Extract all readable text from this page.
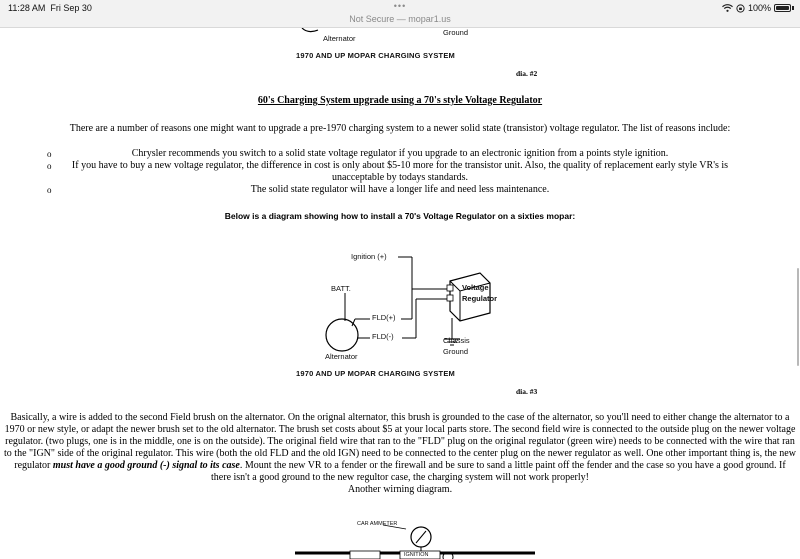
11:28 AM Fri Sep 30	•••
Not Secure — mopar1.us
100%
Alternator
Ground
1970 AND UP MOPAR CHARGING SYSTEM
dia. #2
60's Charging System upgrade using a 70's style Voltage Regulator
There are a number of reasons one might want to upgrade a pre-1970 charging system to a newer solid state (transistor) voltage regulator. The list of reasons include:
o	Chrysler recommends you switch to a solid state voltage regulator if you upgrade to an electronic ignition from a points style ignition.
o If you have to buy a new voltage regulator, the difference in cost is only about $5-10 more for the transistor unit. Also, the quality of replacement early style VR's is unacceptable by todays standards.
o	The solid state regulator will have a longer life and need less maintenance.
Below is a diagram showing how to install a 70's Voltage Regulator on a sixties mopar:
Ignition (+)
BATT.
FLD(+)
FLD(-)
Voltage
Regulator
Chassis
Ground
Alternator
1970 AND UP MOPAR CHARGING SYSTEM
dia. #3
Basically, a wire is added to the second Field brush on the alternator. On the orignal alternator, this brush is grounded to the case of the alternator, so you'll need to either change the alternator to a 1970 or new style, or adapt the newer brush set to the old alternator. The brush set costs about $5 at your local parts store. The second field wire is connected to the outside plug on the newer voltage regulator. (two plugs, one is in the middle, one is on the outside). The original field wire that ran to the "FLD" plug on the original regulator (green wire) needs to be connected with the wire that ran to the "IGN" side of the original regulator. This wire (both the old FLD and the old IGN) need to be connected to the center plug on the newer regulator as well. One other important thing is, the new regulator must have a good ground (-) signal to its case. Mount the new VR to a fender or the firewall and be sure to sand a little paint off the fender and the case so you have a good ground. If there isn't a good ground to the new regultor case, the charging system will not work properly!
Another wirning diagram.
CAR AMMETER
IGNITION
